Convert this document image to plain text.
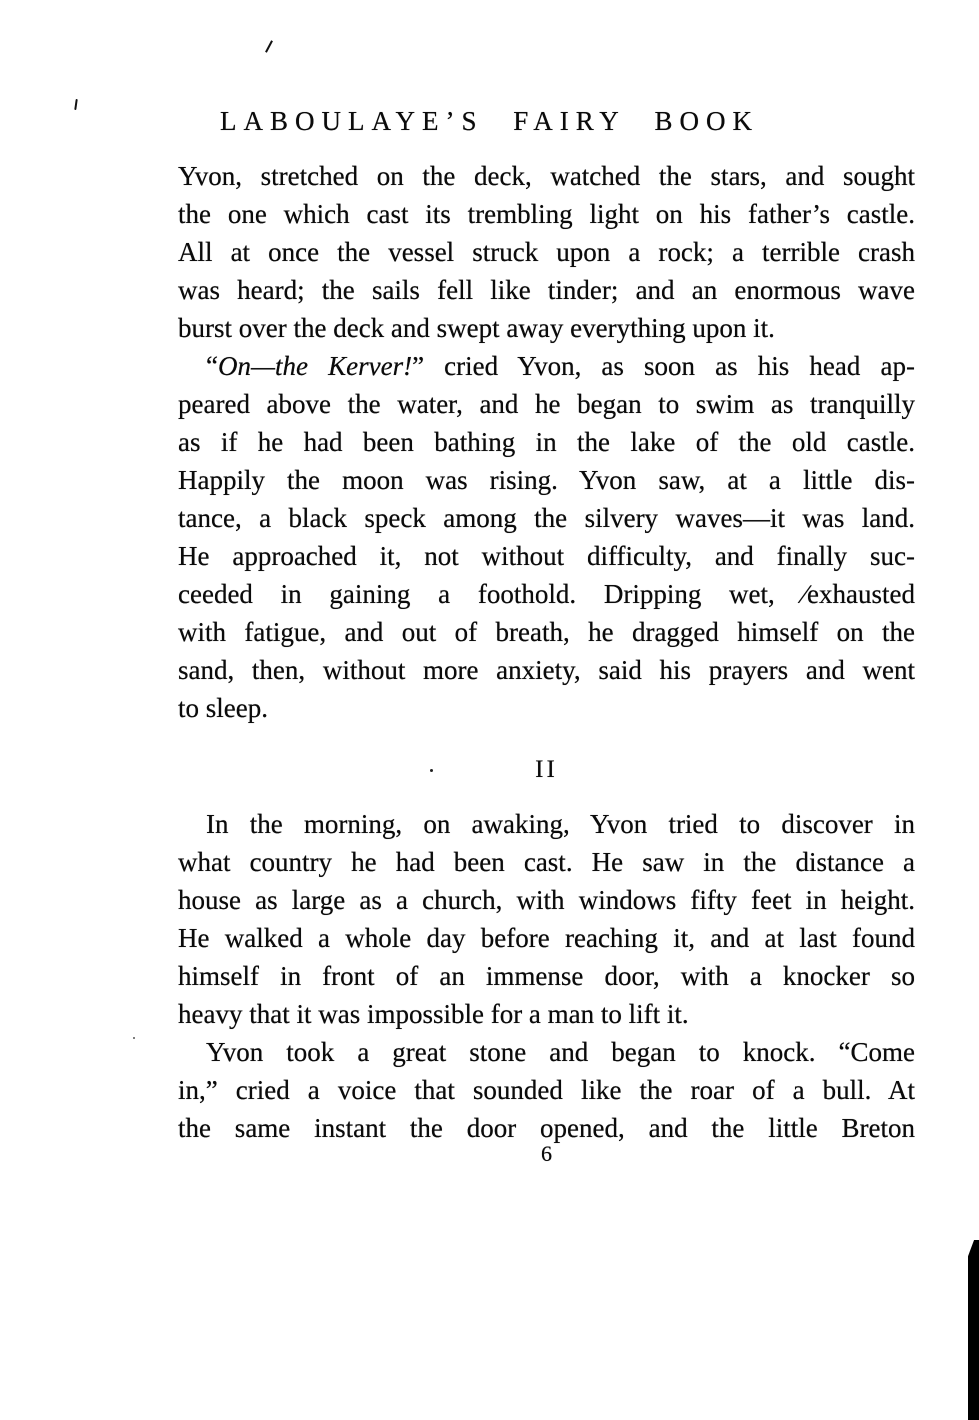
LABOULAYE’S FAIRY BOOK
Yvon, stretched on the deck, watched the stars, and sought
the one which cast its trembling light on his father’s castle.
All at once the vessel struck upon a rock; a terrible crash
was heard; the sails fell like tinder; and an enormous wave
burst over the deck and swept away everything upon it.
“On—the Kerver!” cried Yvon, as soon as his head ap-
peared above the water, and he began to swim as tranquilly
as if he had been bathing in the lake of the old castle.
Happily the moon was rising. Yvon saw, at a little dis-
tance, a black speck among the silvery waves—it was land.
He approached it, not without difficulty, and finally suc-
ceeded in gaining a foothold. Dripping wet, ∕exhausted
with fatigue, and out of breath, he dragged himself on the
sand, then, without more anxiety, said his prayers and went
to sleep.
II
In the morning, on awaking, Yvon tried to discover in
what country he had been cast. He saw in the distance a
house as large as a church, with windows fifty feet in height.
He walked a whole day before reaching it, and at last found
himself in front of an immense door, with a knocker so
heavy that it was impossible for a man to lift it.
Yvon took a great stone and began to knock. “Come
in,” cried a voice that sounded like the roar of a bull. At
the same instant the door opened, and the little Breton
6
